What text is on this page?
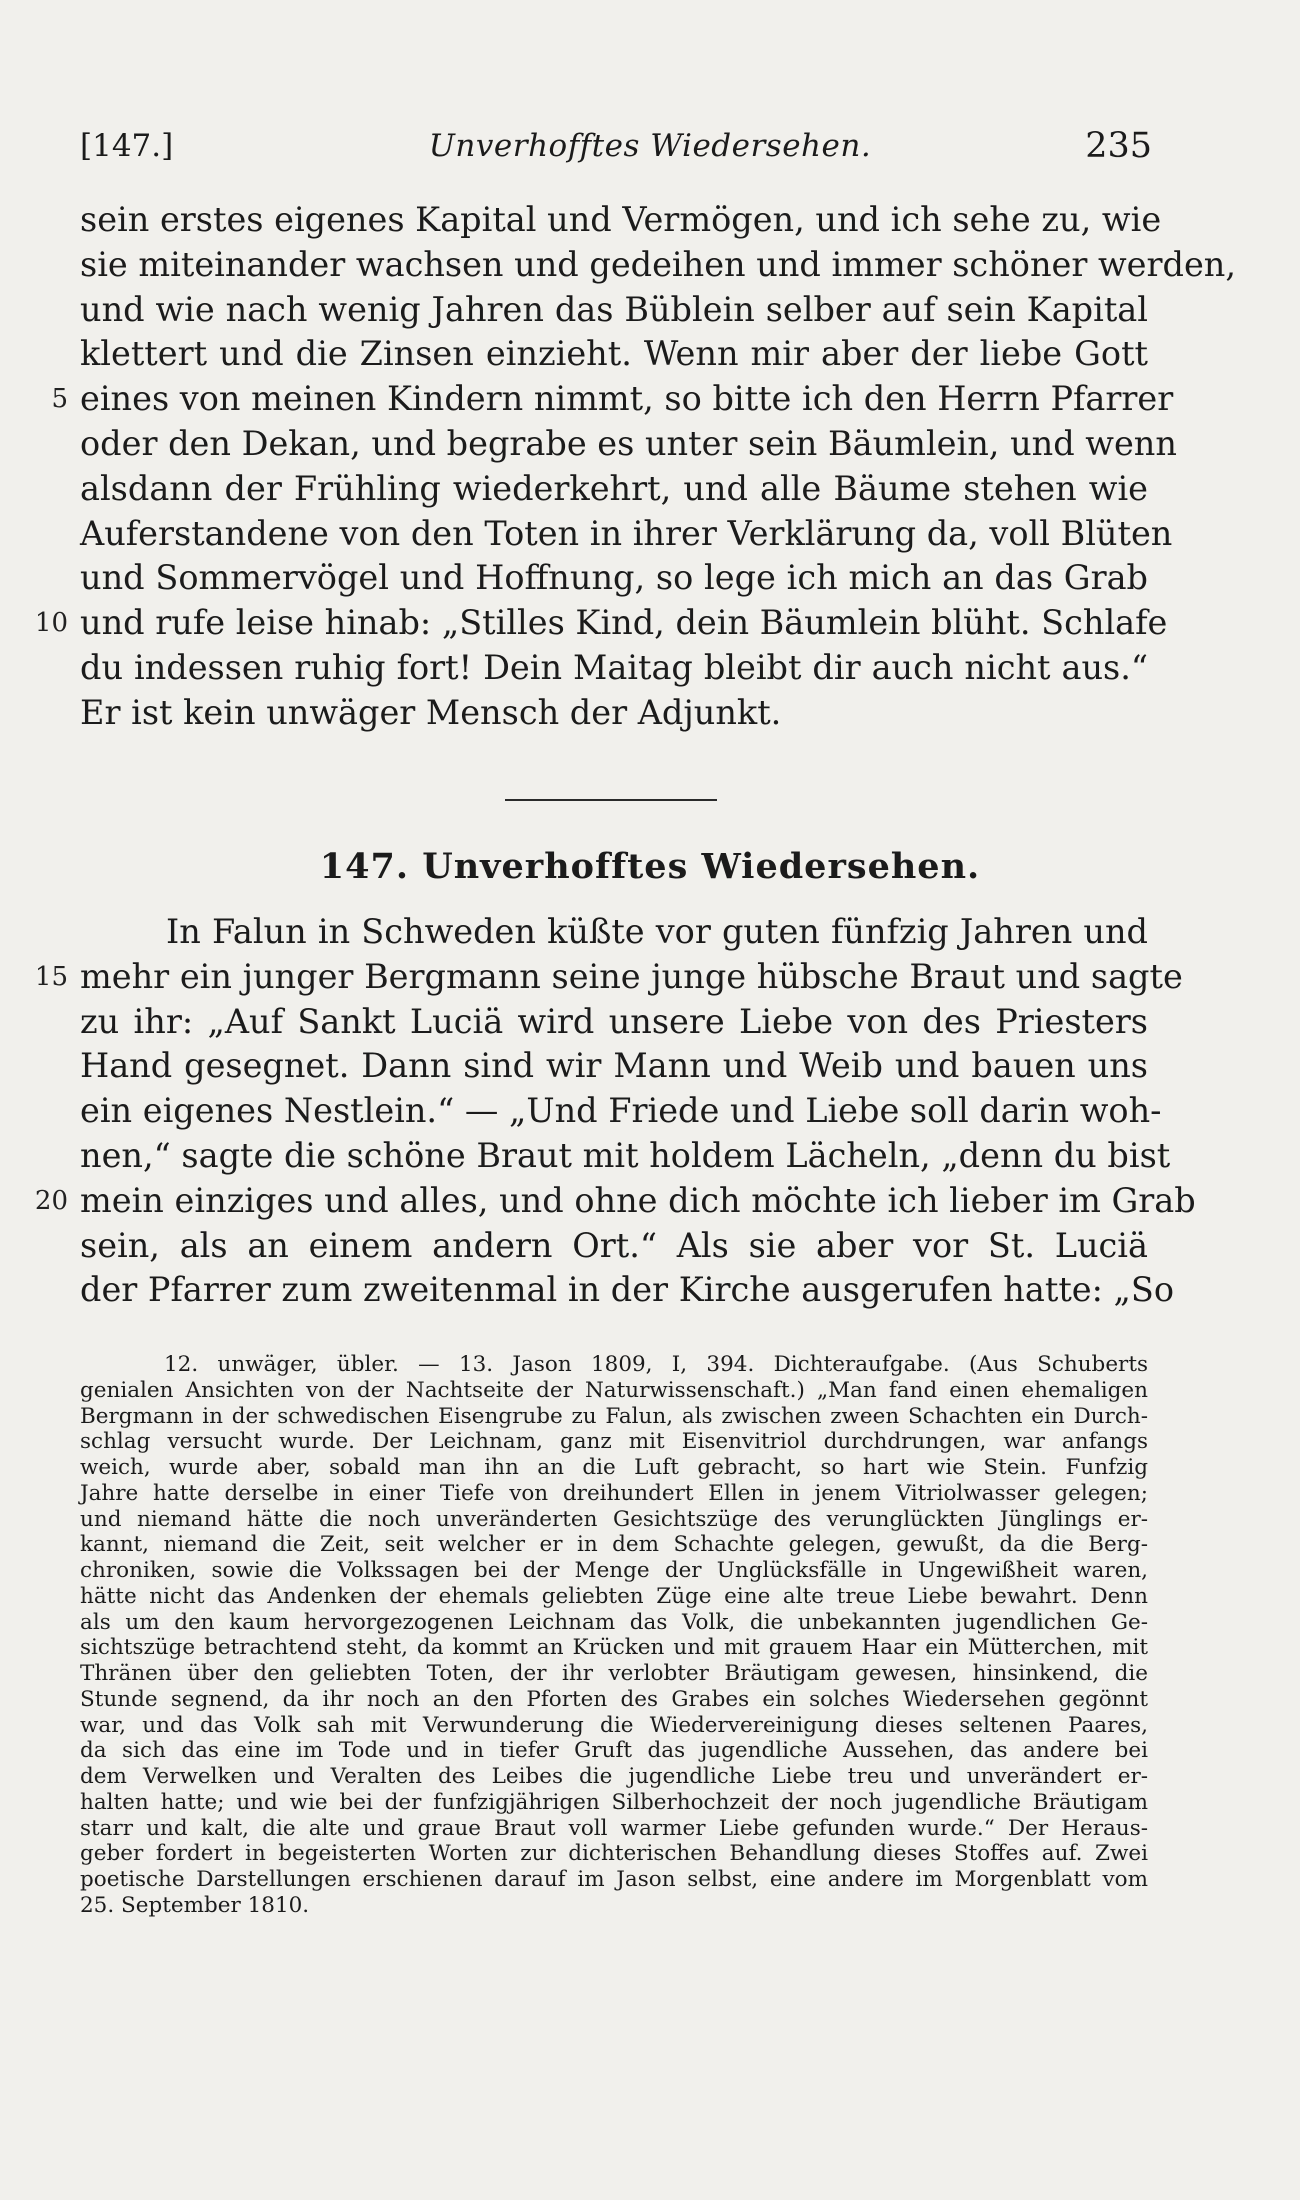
[147.]	Unverhofftes Wiedersehen.	235
sein erstes eigenes Kapital und Vermögen, und ich sehe zu, wie
sie miteinander wachsen und gedeihen und immer schöner werden,
und wie nach wenig Jahren das Büblein selber auf sein Kapital
klettert und die Zinsen einzieht. Wenn mir aber der liebe Gott
eines von meinen Kindern nimmt, so bitte ich den Herrn Pfarrer
5
oder den Dekan, und begrabe es unter sein Bäumlein, und wenn
alsdann der Frühling wiederkehrt, und alle Bäume stehen wie
Auferstandene von den Toten in ihrer Verklärung da, voll Blüten
und Sommervögel und Hoffnung, so lege ich mich an das Grab
und rufe leise hinab: „Stilles Kind, dein Bäumlein blüht. Schlafe
10
du indessen ruhig fort! Dein Maitag bleibt dir auch nicht aus.“
Er ist kein unwäger Mensch der Adjunkt.
147. Unverhofftes Wiedersehen.
In Falun in Schweden küßte vor guten fünfzig Jahren und
mehr ein junger Bergmann seine junge hübsche Braut und sagte
15
zu ihr: „Auf Sankt Luciä wird unsere Liebe von des Priesters
Hand gesegnet. Dann sind wir Mann und Weib und bauen uns
ein eigenes Nestlein.“ — „Und Friede und Liebe soll darin woh-
nen,“ sagte die schöne Braut mit holdem Lächeln, „denn du bist
mein einziges und alles, und ohne dich möchte ich lieber im Grab
20
sein, als an einem andern Ort.“ Als sie aber vor St. Luciä
der Pfarrer zum zweitenmal in der Kirche ausgerufen hatte: „So
12. unwäger, übler. — 13. Jason 1809, I, 394. Dichteraufgabe. (Aus Schuberts
genialen Ansichten von der Nachtseite der Naturwissenschaft.) „Man fand einen ehemaligen
Bergmann in der schwedischen Eisengrube zu Falun, als zwischen zween Schachten ein Durch-
schlag versucht wurde. Der Leichnam, ganz mit Eisenvitriol durchdrungen, war anfangs
weich, wurde aber, sobald man ihn an die Luft gebracht, so hart wie Stein. Funfzig
Jahre hatte derselbe in einer Tiefe von dreihundert Ellen in jenem Vitriolwasser gelegen;
und niemand hätte die noch unveränderten Gesichtszüge des verunglückten Jünglings er-
kannt, niemand die Zeit, seit welcher er in dem Schachte gelegen, gewußt, da die Berg-
chroniken, sowie die Volkssagen bei der Menge der Unglücksfälle in Ungewißheit waren,
hätte nicht das Andenken der ehemals geliebten Züge eine alte treue Liebe bewahrt. Denn
als um den kaum hervorgezogenen Leichnam das Volk, die unbekannten jugendlichen Ge-
sichtszüge betrachtend steht, da kommt an Krücken und mit grauem Haar ein Mütterchen, mit
Thränen über den geliebten Toten, der ihr verlobter Bräutigam gewesen, hinsinkend, die
Stunde segnend, da ihr noch an den Pforten des Grabes ein solches Wiedersehen gegönnt
war, und das Volk sah mit Verwunderung die Wiedervereinigung dieses seltenen Paares,
da sich das eine im Tode und in tiefer Gruft das jugendliche Aussehen, das andere bei
dem Verwelken und Veralten des Leibes die jugendliche Liebe treu und unverändert er-
halten hatte; und wie bei der funfzigjährigen Silberhochzeit der noch jugendliche Bräutigam
starr und kalt, die alte und graue Braut voll warmer Liebe gefunden wurde.“ Der Heraus-
geber fordert in begeisterten Worten zur dichterischen Behandlung dieses Stoffes auf. Zwei
poetische Darstellungen erschienen darauf im Jason selbst, eine andere im Morgenblatt vom
25. September 1810.
